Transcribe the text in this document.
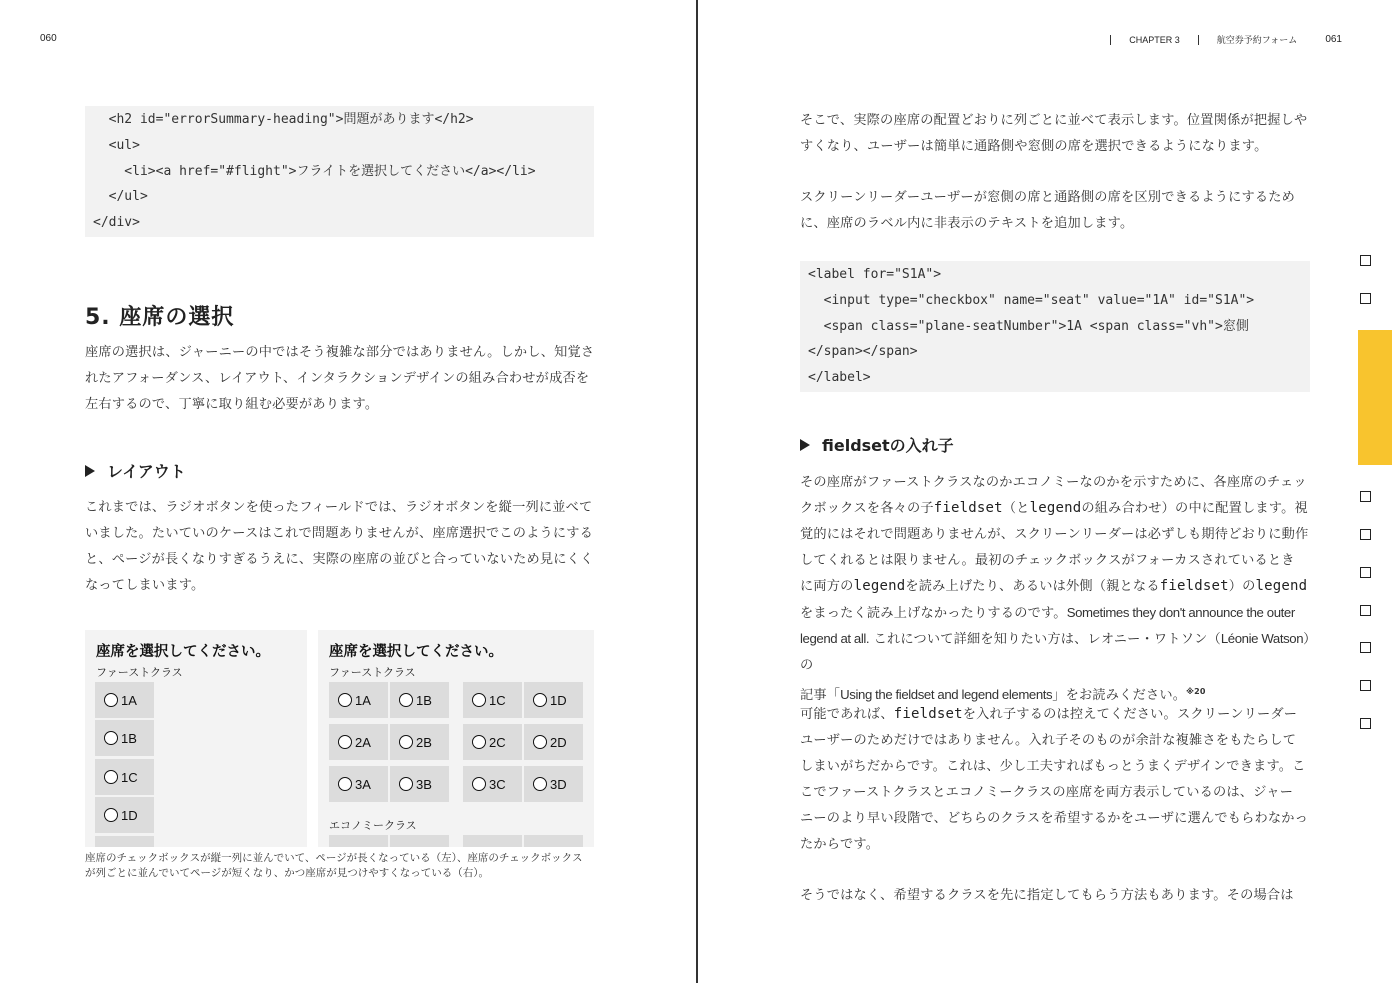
060
<h2 id="errorSummary-heading">問題があります</h2>
<ul>
<li><a href="#flight">フライトを選択してください</a></li>
</ul>
</div>
5. 座席の選択
座席の選択は、ジャーニーの中ではそう複雑な部分ではありません。しかし、知覚さ
れたアフォーダンス、レイアウト、インタラクションデザインの組み合わせが成否を
左右するので、丁寧に取り組む必要があります。
レイアウト
これまでは、ラジオボタンを使ったフィールドでは、ラジオボタンを縦一列に並べて
いました。たいていのケースはこれで問題ありませんが、座席選択でこのようにする
と、ページが長くなりすぎるうえに、実際の座席の並びと合っていないため見にくく
なってしまいます。
座席を選択してください。
ファーストクラス
1A
1B
1C
1D
座席を選択してください。
ファーストクラス
1A	1B	1C	1D
2A	2B	2C	2D
3A	3B	3C	3D
エコノミークラス
座席のチェックボックスが縦一列に並んでいて、ページが長くなっている（左）、座席のチェックボックス
が列ごとに並んでいてページが短くなり、かつ座席が見つけやすくなっている（右）。
CHAPTER 3	航空券予約フォーム	061
そこで、実際の座席の配置どおりに列ごとに並べて表示します。位置関係が把握しや
すくなり、ユーザーは簡単に通路側や窓側の席を選択できるようになります。
スクリーンリーダーユーザーが窓側の席と通路側の席を区別できるようにするため
に、座席のラベル内に非表示のテキストを追加します。
<label for="S1A">
<input type="checkbox" name="seat" value="1A" id="S1A">
<span class="plane-seatNumber">1A <span class="vh">窓側
</span></span>
</label>
fieldsetの入れ子
その座席がファーストクラスなのかエコノミーなのかを示すために、各座席のチェッ
クボックスを各々の子fieldset（とlegendの組み合わせ）の中に配置します。視
覚的にはそれで問題ありませんが、スクリーンリーダーは必ずしも期待どおりに動作
してくれるとは限りません。最初のチェックボックスがフォーカスされているとき
に両方のlegendを読み上げたり、あるいは外側（親となるfieldset）のlegend
をまったく読み上げなかったりするのです。Sometimes they don't announce the outer
legend at all. これについて詳細を知りたい方は、レオニー・ワトソン（Léonie Watson）の
記事「Using the fieldset and legend elements」をお読みください。$^{※20}$
可能であれば、fieldsetを入れ子するのは控えてください。スクリーンリーダー
ユーザーのためだけではありません。入れ子そのものが余計な複雑さをもたらして
しまいがちだからです。これは、少し工夫すればもっとうまくデザインできます。こ
こでファーストクラスとエコノミークラスの座席を両方表示しているのは、ジャー
ニーのより早い段階で、どちらのクラスを希望するかをユーザに選んでもらわなかっ
たからです。
そうではなく、希望するクラスを先に指定してもらう方法もあります。その場合は
